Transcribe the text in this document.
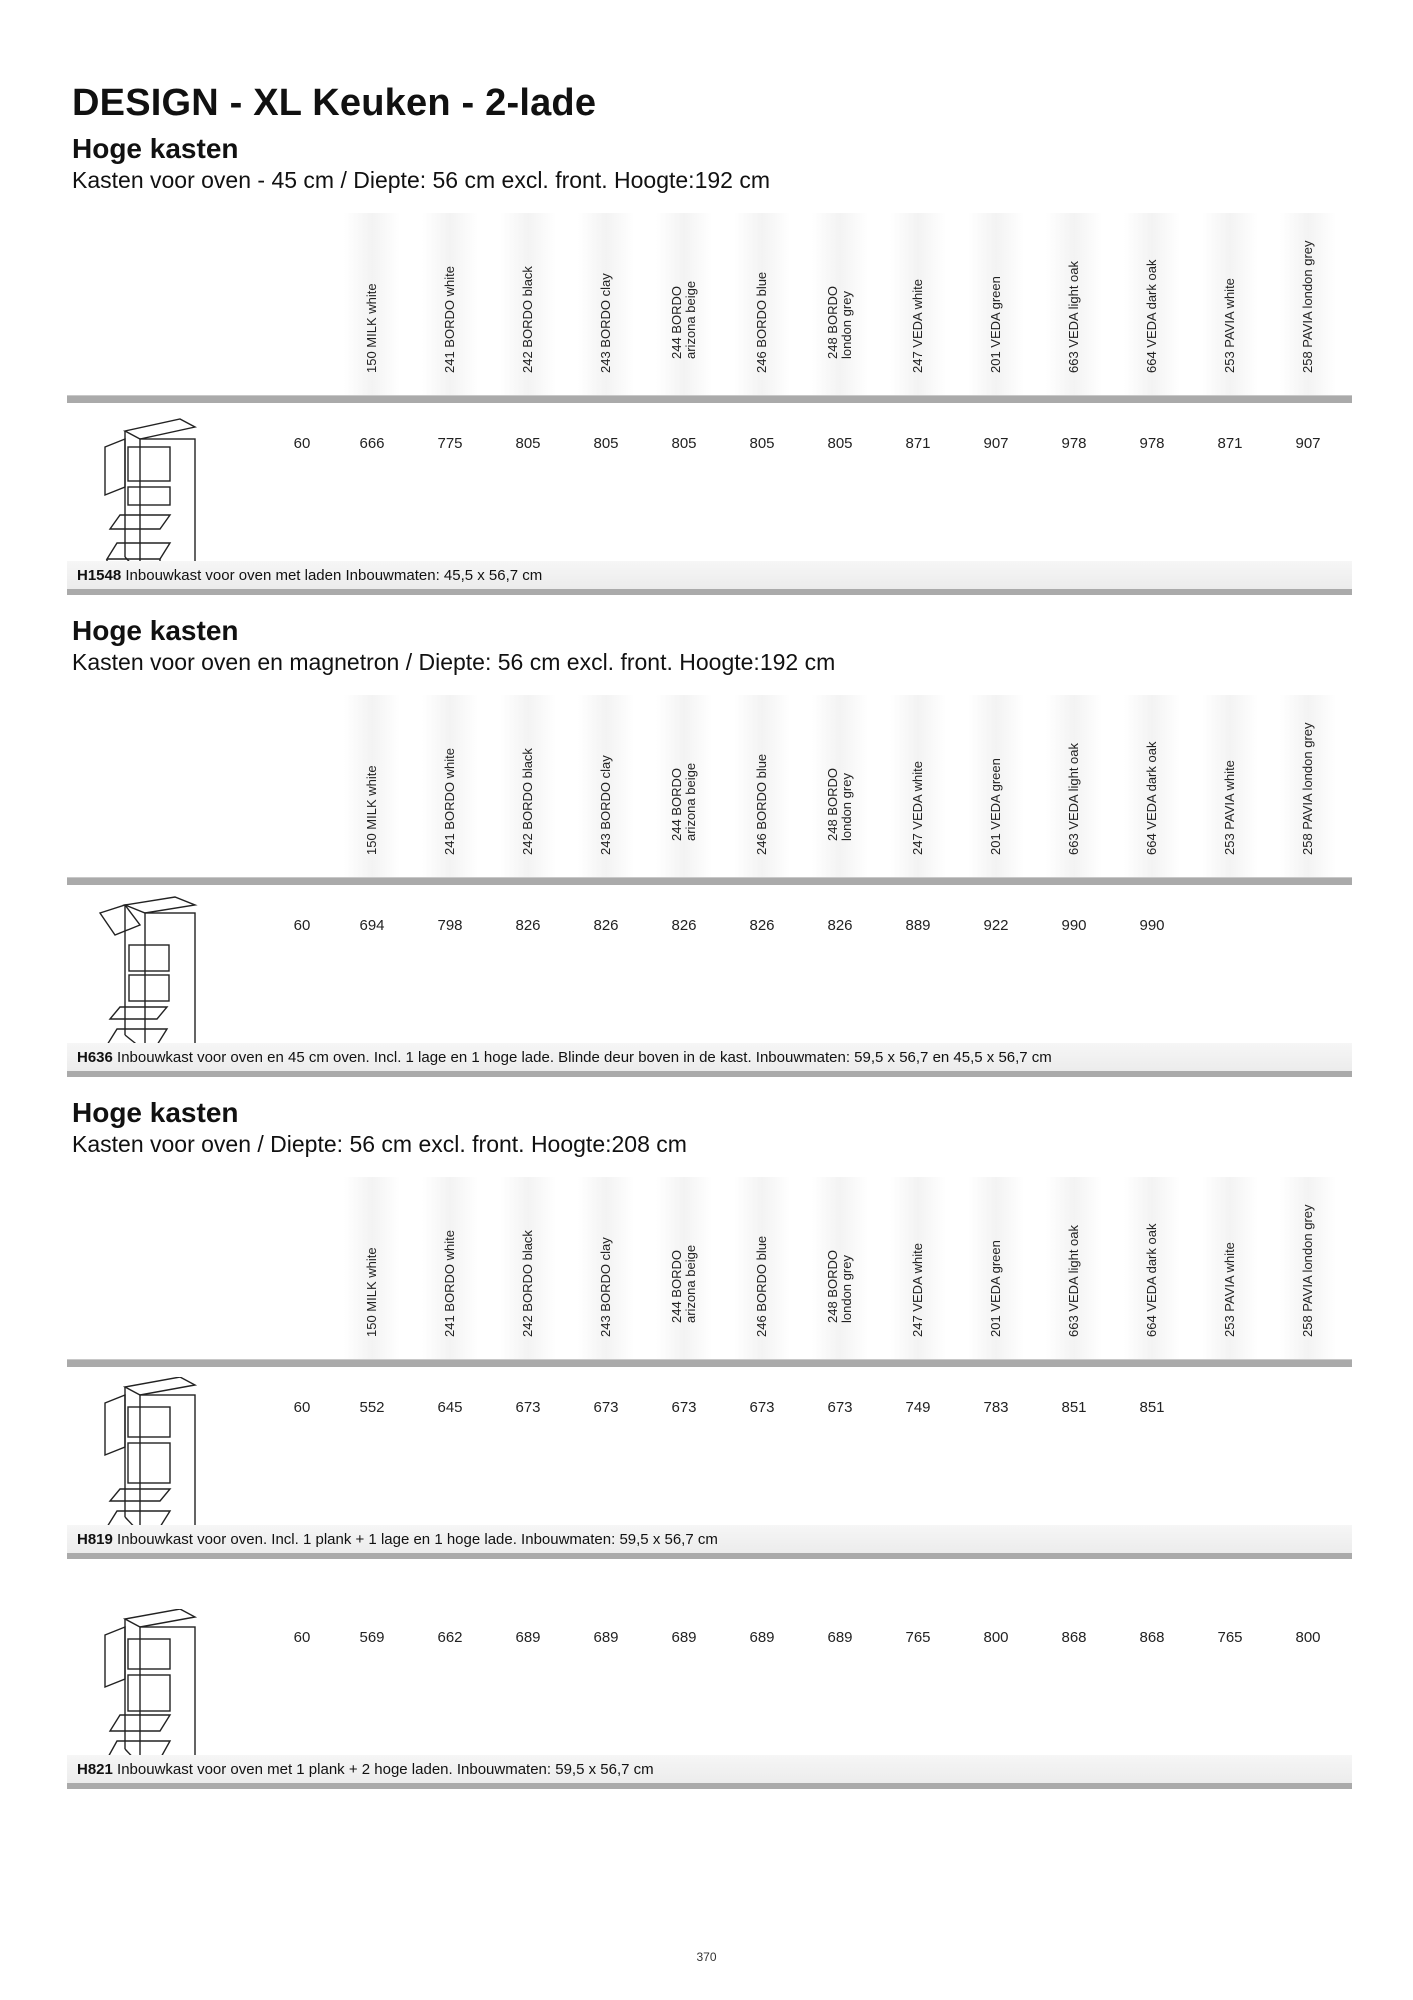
DESIGN - XL Keuken - 2-lade
Hoge kasten
Kasten voor oven - 45 cm / Diepte: 56 cm excl. front. Hoogte:192 cm
150 MILK white	241 BORDO white	242 BORDO black	243 BORDO clay	244 BORDO arizona beige	246 BORDO blue	248 BORDO london grey	247 VEDA white	201 VEDA green	663 VEDA light oak	664 VEDA dark oak	253 PAVIA white	258 PAVIA london grey
60	666	775	805	805	805	805	805	871	907	978	978	871	907
H1548 Inbouwkast voor oven met laden Inbouwmaten: 45,5 x 56,7 cm
Hoge kasten
Kasten voor oven en magnetron / Diepte: 56 cm excl. front. Hoogte:192 cm
150 MILK white	241 BORDO white	242 BORDO black	243 BORDO clay	244 BORDO arizona beige	246 BORDO blue	248 BORDO london grey	247 VEDA white	201 VEDA green	663 VEDA light oak	664 VEDA dark oak	253 PAVIA white	258 PAVIA london grey
60	694	798	826	826	826	826	826	889	922	990	990
H636 Inbouwkast voor oven en 45 cm oven. Incl. 1 lage en 1 hoge lade. Blinde deur boven in de kast. Inbouwmaten: 59,5 x 56,7 en 45,5 x 56,7 cm
Hoge kasten
Kasten voor oven / Diepte: 56 cm excl. front. Hoogte:208 cm
150 MILK white	241 BORDO white	242 BORDO black	243 BORDO clay	244 BORDO arizona beige	246 BORDO blue	248 BORDO london grey	247 VEDA white	201 VEDA green	663 VEDA light oak	664 VEDA dark oak	253 PAVIA white	258 PAVIA london grey
60	552	645	673	673	673	673	673	749	783	851	851
H819 Inbouwkast voor oven. Incl. 1 plank + 1 lage en 1 hoge lade. Inbouwmaten: 59,5 x 56,7 cm
60	569	662	689	689	689	689	689	765	800	868	868	765	800
H821 Inbouwkast voor oven met 1 plank + 2 hoge laden. Inbouwmaten: 59,5 x 56,7 cm
370
